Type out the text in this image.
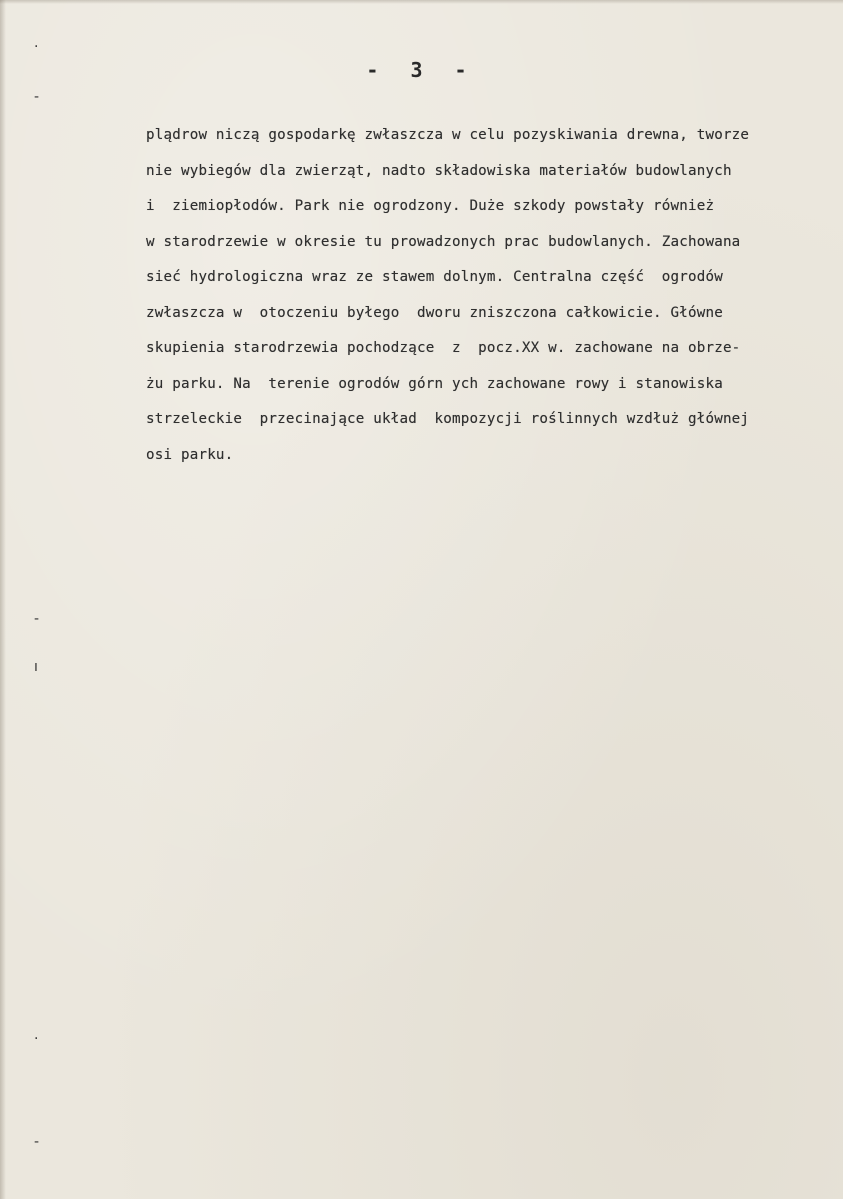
·
-
-
ı
·
-
- 3 -
plądrow niczą gospodarkę zwłaszcza w celu pozyskiwania drewna, tworze
nie wybiegów dla zwierząt, nadto składowiska materiałów budowlanych
i  ziemiopłodów. Park nie ogrodzony. Duże szkody powstały również
w starodrzewie w okresie tu prowadzonych prac budowlanych. Zachowana
sieć hydrologiczna wraz ze stawem dolnym. Centralna część  ogrodów
zwłaszcza w  otoczeniu byłego  dworu zniszczona całkowicie. Główne
skupienia starodrzewia pochodzące  z  pocz.XX w. zachowane na obrze-
żu parku. Na  terenie ogrodów górn ych zachowane rowy i stanowiska
strzeleckie  przecinające układ  kompozycji roślinnych wzdłuż głównej
osi parku.
